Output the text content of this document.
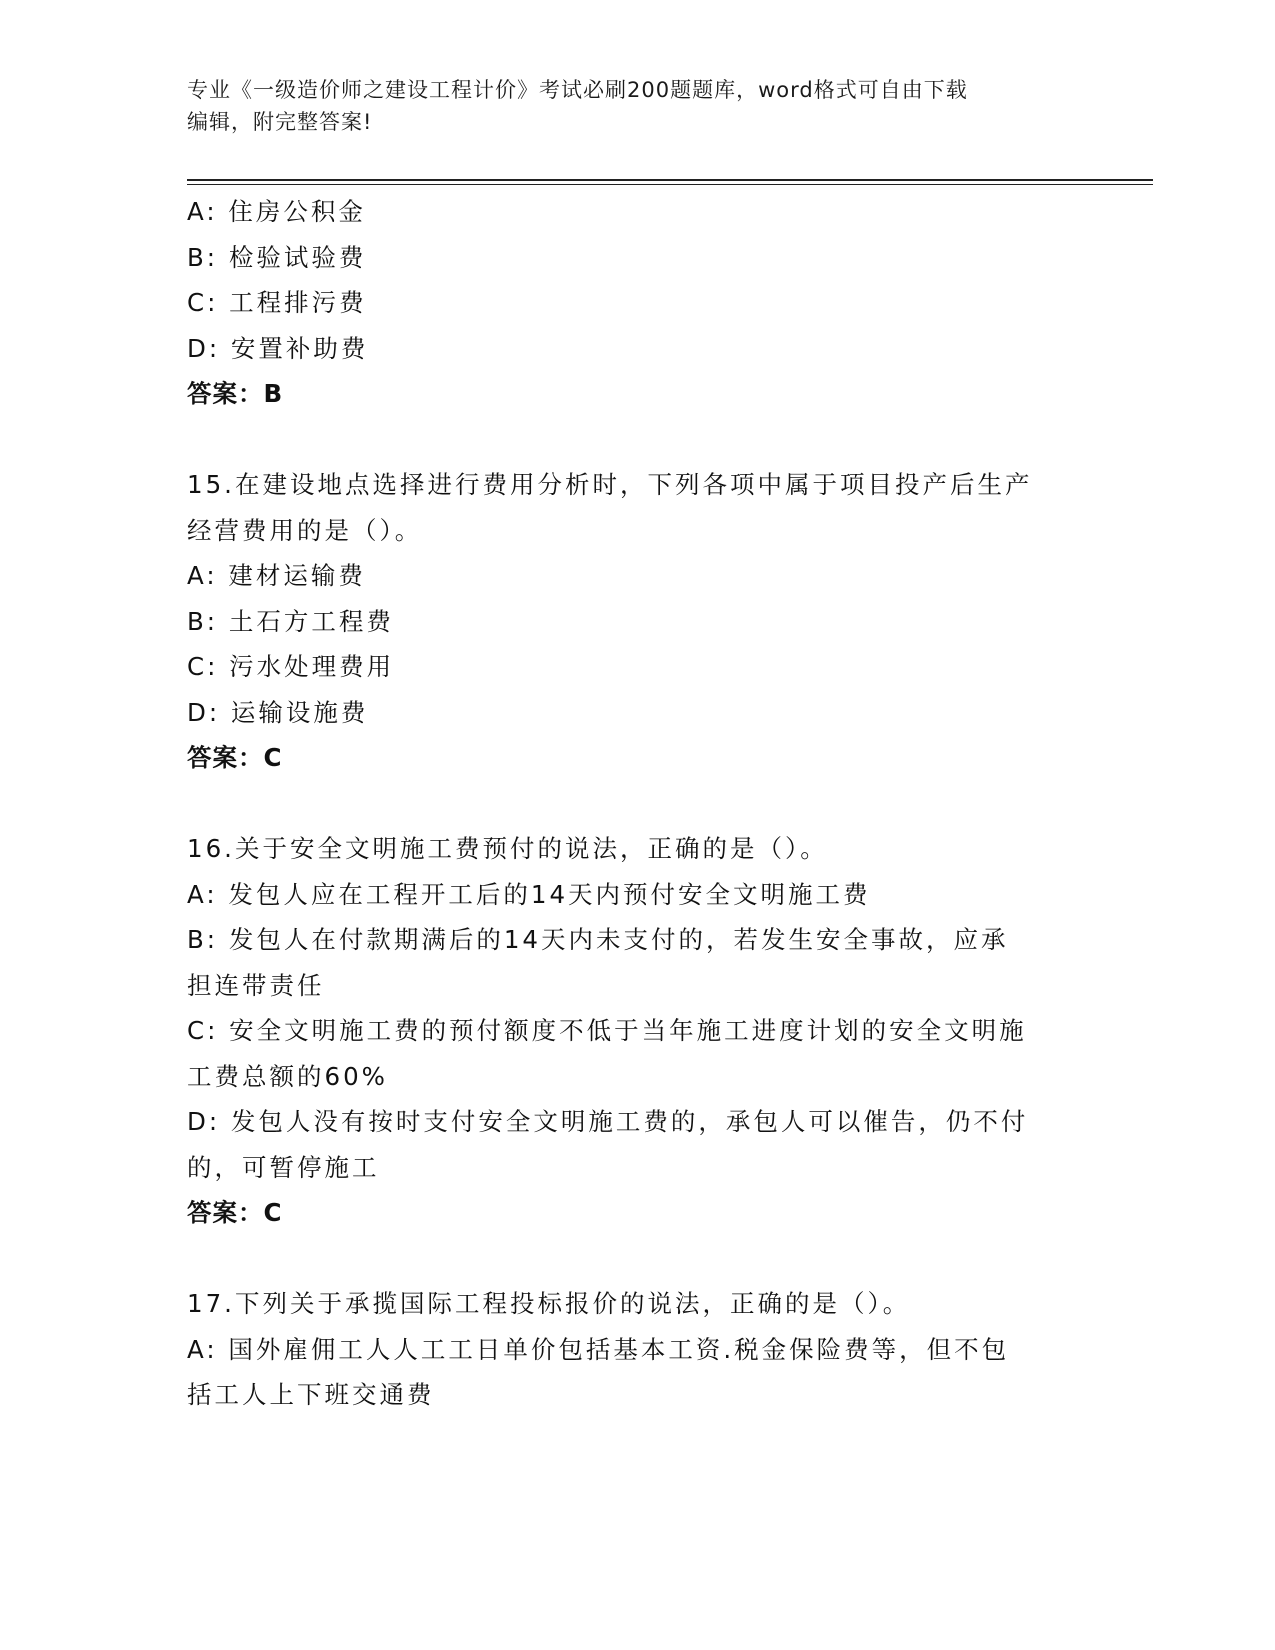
专业《一级造价师之建设工程计价》考试必刷200题题库，word格式可自由下载
编辑，附完整答案!
A: 住房公积金
B: 检验试验费
C: 工程排污费
D: 安置补助费
答案：B
15.在建设地点选择进行费用分析时，下列各项中属于项目投产后生产
经营费用的是（）。
A: 建材运输费
B: 土石方工程费
C: 污水处理费用
D: 运输设施费
答案：C
16.关于安全文明施工费预付的说法，正确的是（）。
A: 发包人应在工程开工后的14天内预付安全文明施工费
B: 发包人在付款期满后的14天内未支付的，若发生安全事故，应承
担连带责任
C: 安全文明施工费的预付额度不低于当年施工进度计划的安全文明施
工费总额的60%
D: 发包人没有按时支付安全文明施工费的，承包人可以催告，仍不付
的，可暂停施工
答案：C
17.下列关于承揽国际工程投标报价的说法，正确的是（）。
A: 国外雇佣工人人工工日单价包括基本工资.税金保险费等，但不包
括工人上下班交通费
